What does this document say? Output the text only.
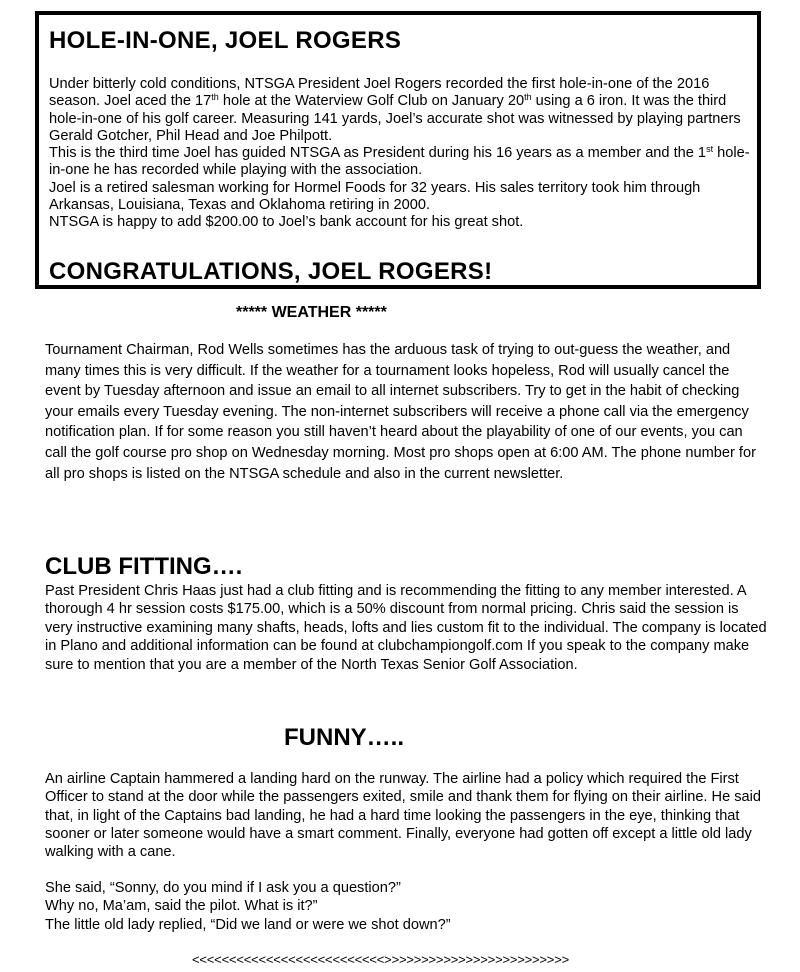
HOLE-IN-ONE, JOEL ROGERS

Under bitterly cold conditions, NTSGA President Joel Rogers recorded the first hole-in-one of the 2016 season. Joel aced the 17th hole at the Waterview Golf Club on January 20th using a 6 iron. It was the third hole-in-one of his golf career. Measuring 141 yards, Joel’s accurate shot was witnessed by playing partners Gerald Gotcher, Phil Head and Joe Philpott.

This is the third time Joel has guided NTSGA as President during his 16 years as a member and the 1st hole-in-one he has recorded while playing with the association.

Joel is a retired salesman working for Hormel Foods for 32 years. His sales territory took him through Arkansas, Louisiana, Texas and Oklahoma retiring in 2000.

NTSGA is happy to add $200.00 to Joel’s bank account for his great shot.

CONGRATULATIONS, JOEL ROGERS!
***** WEATHER *****

Tournament Chairman, Rod Wells sometimes has the arduous task of trying to out-guess the weather, and many times this is very difficult. If the weather for a tournament looks hopeless, Rod will usually cancel the event by Tuesday afternoon and issue an email to all internet subscribers. Try to get in the habit of checking your emails every Tuesday evening. The non-internet subscribers will receive a phone call via the emergency notification plan. If for some reason you still haven’t heard about the playability of one of our events, you can call the golf course pro shop on Wednesday morning. Most pro shops open at 6:00 AM. The phone number for all pro shops is listed on the NTSGA schedule and also in the current newsletter.

CLUB FITTING….

Past President Chris Haas just had a club fitting and is recommending the fitting to any member interested. A thorough 4 hr session costs $175.00, which is a 50% discount from normal pricing. Chris said the session is very instructive examining many shafts, heads, lofts and lies custom fit to the individual. The company is located in Plano and additional information can be found at clubchampiongolf.com If you speak to the company make sure to mention that you are a member of the North Texas Senior Golf Association.

FUNNY…..

An airline Captain hammered a landing hard on the runway. The airline had a policy which required the First Officer to stand at the door while the passengers exited, smile and thank them for flying on their airline. He said that, in light of the Captains bad landing, he had a hard time looking the passengers in the eye, thinking that sooner or later someone would have a smart comment. Finally, everyone had gotten off except a little old lady walking with a cane.

She said, “Sonny, do you mind if I ask you a question?”
Why no, Ma’am, said the pilot. What is it?”
The little old lady replied, “Did we land or were we shot down?”
<<<<<<<<<<<<<<<<<<<<<<<<<<>>>>>>>>>>>>>>>>>>>>>>>>>
